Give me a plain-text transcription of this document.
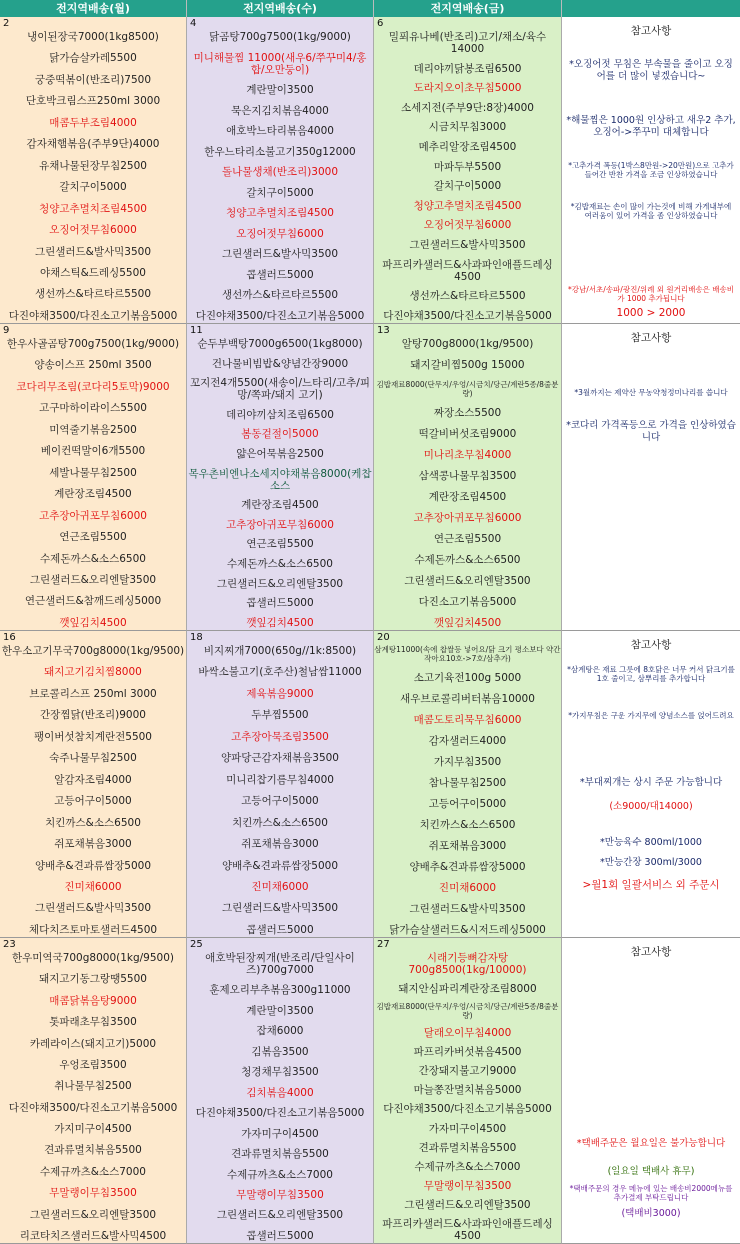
전지역배송(월)	전지역배송(수)	전지역배송(금)
2
냉이된장국7000(1kg8500)
닭가슴살카레5500
궁중떡볶이(반조리)7500
단호박크림스프250ml 3000
매콤두부조림4000
감자채햄볶음(주부9단)4000
유채나물된장무침2500
갈치구이5000
청양고추멸치조림4500
오징어젓무침6000
그린샐러드&발사믹3500
야채스틱&드레싱5500
생선까스&타르타르5500
다진야채3500/다진소고기볶음5000
4
닭곰탕700g7500(1kg/9000)
미니해물찜 11000(새우6/쭈꾸미4/홍합/오만둥이)
계란말이3500
묵은지김치볶음4000
애호박느타리볶음4000
한우느타리소불고기350g12000
돌나물생채(반조리)3000
갈치구이5000
청양고추멸치조림4500
오징어젓무침6000
그린샐러드&발사믹3500
콥샐러드5000
생선까스&타르타르5500
다진야채3500/다진소고기볶음5000
6
밀푀유나베(반조리)고기/채소/육수 14000
데리야끼닭봉조림6500
도라지오이초무침5000
소세지전(주부9단:8장)4000
시금치무침3000
메추리알장조림4500
마파두부5500
갈치구이5000
청양고추멸치조림4500
오징어젓무침6000
그린샐러드&발사믹3500
파프리카샐러드&사과파인애플드레싱 4500
생선까스&타르타르5500
다진야채3500/다진소고기볶음5000
참고사항
*오징어젓 무침은 부속물을 줄이고 오징어를 더 많이 넣겠습니다~
*해물찜은 1000원 인상하고 새우2 추가, 오징어->쭈꾸미 대체합니다
*고추가격 폭등(1박스8만원->20만원)으로 고추가 들어간 반찬 가격을 조금 인상하였습니다
*김밥재료는 손이 많이 가는것에 비해 가게내부에 여러움이 있어 가격을 좀 인상하였습니다
*강남/서초/송파/광진/위례 외 원거리배송은 배송비가 1000 추가됩니다
1000 > 2000
9
한우사골곰탕700g7500(1kg/9000)
양송이스프 250ml 3500
코다리무조림(코다리5토막)9000
고구마하이라이스5500
미역줄기볶음2500
베이컨떡말이6개5500
세발나물무침2500
계란장조림4500
고추장아귀포무침6000
연근조림5500
수제돈까스&소스6500
그린샐러드&오리엔탈3500
연근샐러드&참깨드레싱5000
깻잎김치4500
11
순두부백탕7000g6500(1kg8000)
건나물비빔밥&양념간장9000
꼬지전4개5500(새송이/느타리/고추/피망/쪽파/돼지 고기)
데리야끼삼치조림6500
봄동겉절이5000
얇은어묵볶음2500
목우촌비엔나소세지야채볶음8000(케찹소스
계란장조림4500
고추장아귀포무침6000
연근조림5500
수제돈까스&소스6500
그린샐러드&오리엔탈3500
콥샐러드5000
깻잎김치4500
13
알탕700g8000(1kg/9500)
돼지갈비찜500g 15000
김밥재료8000(단무지/우엉/시금치/당근/계란5종/8줄분량)
짜장소스5500
떡갈비버섯조림9000
미나리초무침4000
삼색콩나물무침3500
계란장조림4500
고추장아귀포무침6000
연근조림5500
수제돈까스&소스6500
그린샐러드&오리엔탈3500
다진소고기볶음5000
깻잎김치4500
참고사항
*3월까지는 제약산 무농약청정미나리를 씁니다
*코다리 가격폭등으로 가격을 인상하였습니다
16
한우소고기무국700g8000(1kg/9500)
돼지고기김치찜8000
브로콜리스프 250ml 3000
간장찜닭(반조리)9000
팽이버섯참치계란전5500
숙주나물무침2500
알감자조림4000
고등어구이5000
치킨까스&소스6500
쥐포채볶음3000
양배추&견과류쌈장5000
진미채6000
그린샐러드&발사믹3500
체다치즈토마토샐러드4500
18
비지찌개7000(650g//1k:8500)
바싹소불고기(호주산)철남쌈11000
제육볶음9000
두부찜5500
고추장아묵조림3500
양파당근감자채볶음3500
미니리찹기름무침4000
고등어구이5000
치킨까스&소스6500
쥐포채볶음3000
양배추&견과류쌈장5000
진미채6000
그린샐러드&발사믹3500
콥샐러드5000
20
삼계탕11000(속에 찹쌀등 넣어요/닭 크기 평소보다 약간작아요10호->7호/삼추가)
소고기육전100g 5000
새우브로콜리버터볶음10000
매콤도토리묵무침6000
감자샐러드4000
가지무침3500
참나물무침2500
고등어구이5000
치킨까스&소스6500
쥐포채볶음3000
양배추&견과류쌈장5000
진미채6000
그린샐러드&발사믹3500
닭가슴살샐러드&시저드레싱5000
참고사항
*삼계탕은 재료 그릇에 8호닭은 너무 커서 닭크기를 1호 줄이고, 삼뿌리를 추가합니다
*가지무침은 구운 가지무에 양념소스를 얹어드려요
*부대찌개는 상시 주문 가능합니다
(소9000/대14000)
*만능육수 800ml/1000
*만능간장 300ml/3000
>월1회 일괄서비스 외 주문시
23
한우미역국700g8000(1kg/9500)
돼지고기동그랑땡5500
매콤닭볶음탕9000
톳파래초무침3500
카레라이스(돼지고기)5000
우엉조림3500
취나물무침2500
다진야채3500/다진소고기볶음5000
가지미구이4500
견과류멸치볶음5500
수제규까츠&소스7000
무말랭이무침3500
그린샐러드&오리엔탈3500
리코타치즈샐러드&발사믹4500
25
애호박된장찌개(반조리/단일사이즈)700g7000
훈제오리부추볶음300g11000
계란말이3500
잡채6000
김볶음3500
청경채무침3500
김치볶음4000
다진야채3500/다진소고기볶음5000
가자미구이4500
견과류멸치볶음5500
수제규까츠&소스7000
무말랭이무침3500
그린샐러드&오리엔탈3500
콥샐러드5000
27
시래기등뼈감자탕 700g8500(1kg/10000)
돼지안심파리계란장조림8000
김밥재료8000(단무지/우엉/시금치/당근/계란5종/8줄분량)
달래오이무침4000
파프리카버섯볶음4500
간장돼지불고기9000
마늘쫑잔멸치볶음5000
다진야채3500/다진소고기볶음5000
가자미구이4500
견과류멸치볶음5500
수제규까츠&소스7000
무말랭이무침3500
그린샐러드&오리엔탈3500
파프리카샐러드&사과파인애플드레싱 4500
참고사항
*택배주문은 월요일은 불가능합니다
(일요일 택배사 휴무)
*택배주문의 경우 메뉴에 있는 배송비2000메뉴를 추가결제 부탁드립니다
(택배비3000)
